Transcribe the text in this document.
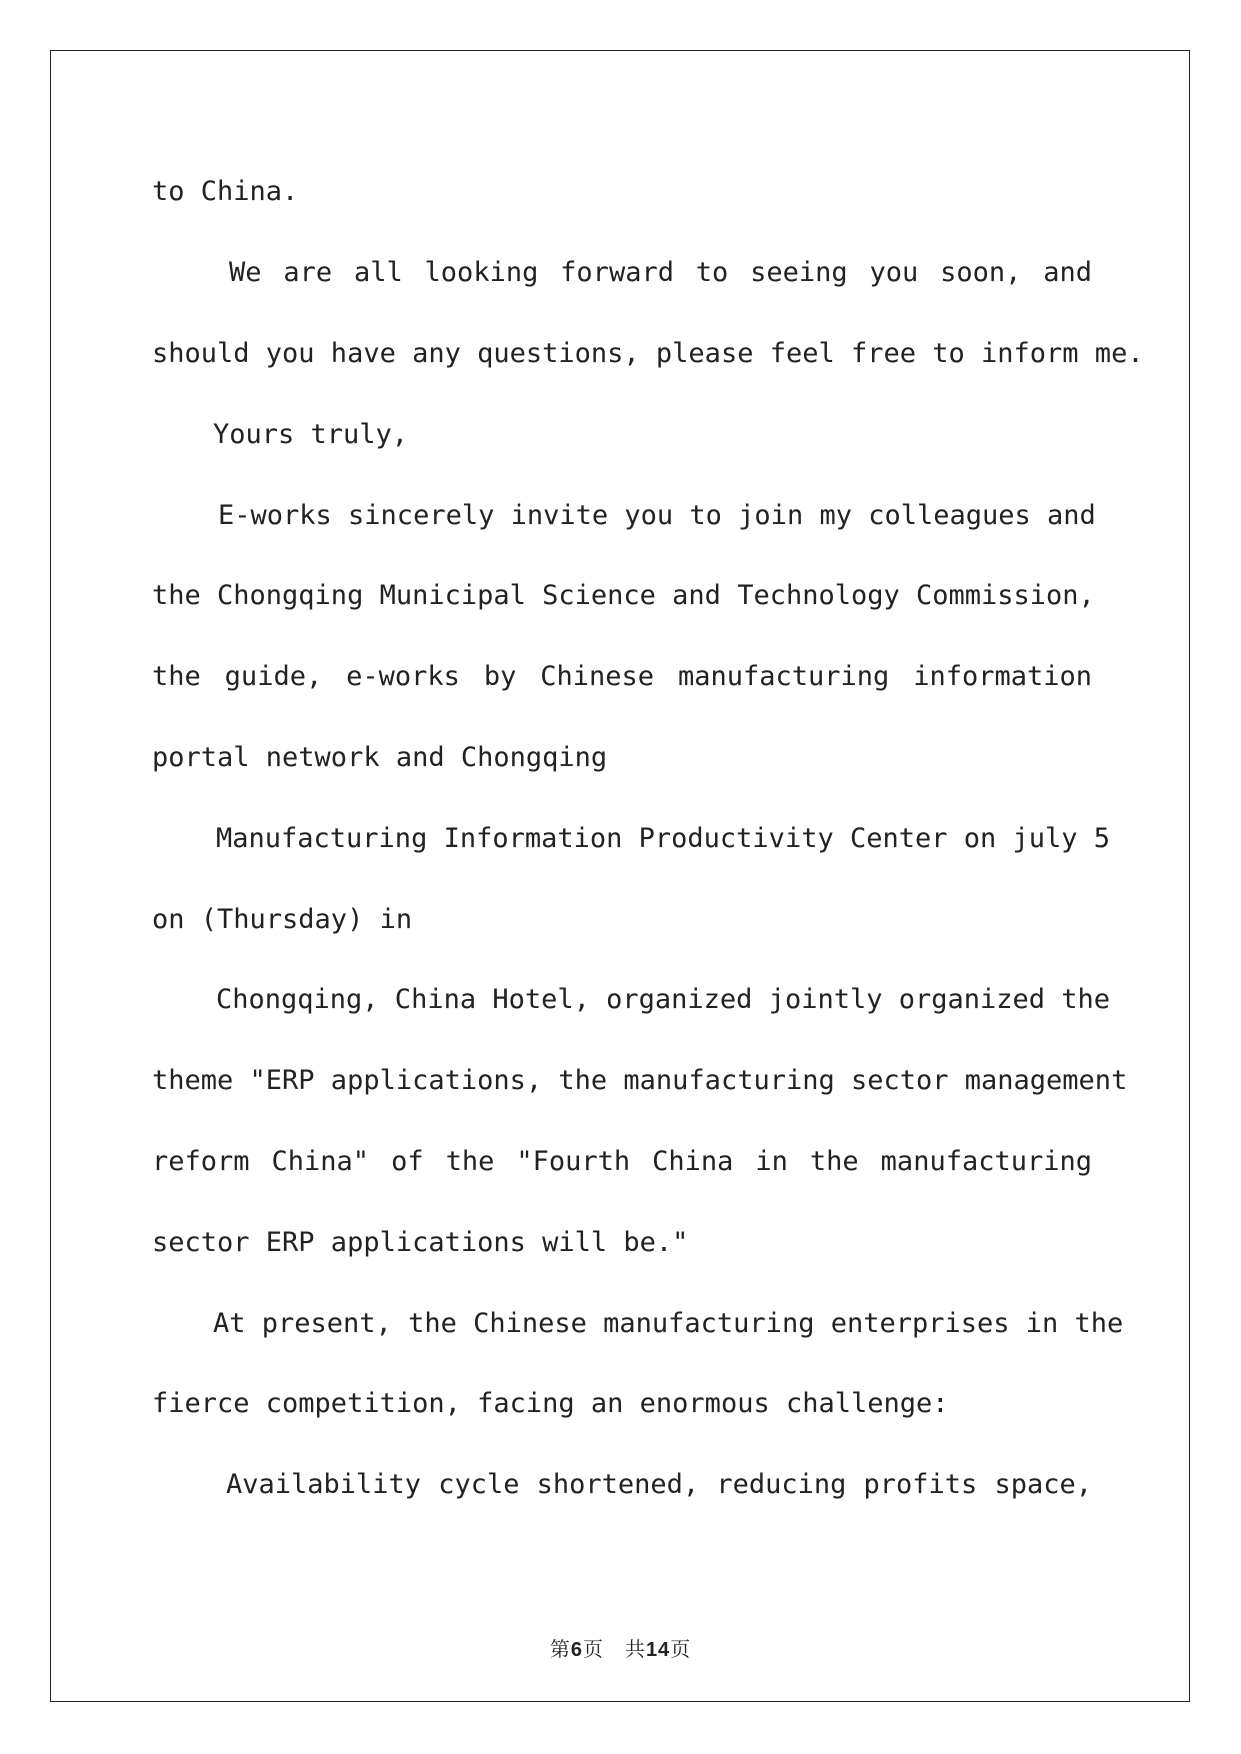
to China.
We are all looking forward to seeing you soon, and
should you have any questions, please feel free to inform me.
Yours truly,
E-works sincerely invite you to join my colleagues and
the Chongqing Municipal Science and Technology Commission,
the guide, e-works by Chinese manufacturing information
portal network and Chongqing
Manufacturing Information Productivity Center on july 5
on (Thursday) in
Chongqing, China Hotel, organized jointly organized the
theme "ERP applications, the manufacturing sector management
reform China" of the "Fourth China in the manufacturing
sector ERP applications will be."
At present, the Chinese manufacturing enterprises in the
fierce competition, facing an enormous challenge:
Availability cycle shortened, reducing profits space,
第6页　共14页
